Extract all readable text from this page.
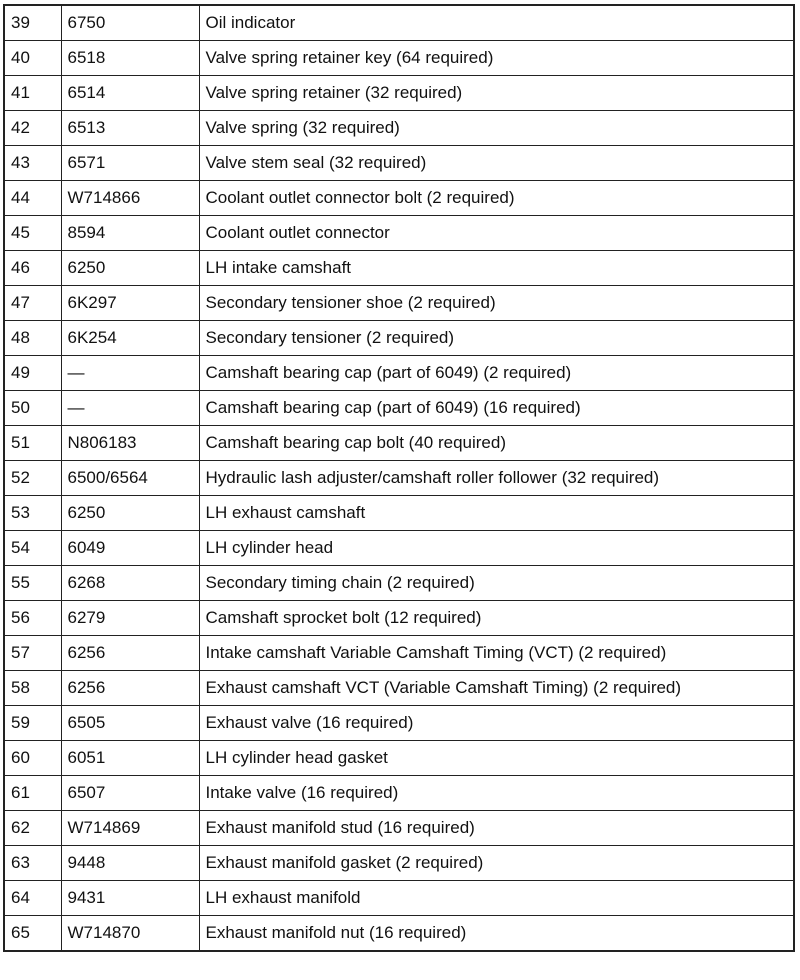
39	6750	Oil indicator
40	6518	Valve spring retainer key (64 required)
41	6514	Valve spring retainer (32 required)
42	6513	Valve spring (32 required)
43	6571	Valve stem seal (32 required)
44	W714866	Coolant outlet connector bolt (2 required)
45	8594	Coolant outlet connector
46	6250	LH intake camshaft
47	6K297	Secondary tensioner shoe (2 required)
48	6K254	Secondary tensioner (2 required)
49	—	Camshaft bearing cap (part of 6049) (2 required)
50	—	Camshaft bearing cap (part of 6049) (16 required)
51	N806183	Camshaft bearing cap bolt (40 required)
52	6500/6564	Hydraulic lash adjuster/camshaft roller follower (32 required)
53	6250	LH exhaust camshaft
54	6049	LH cylinder head
55	6268	Secondary timing chain (2 required)
56	6279	Camshaft sprocket bolt (12 required)
57	6256	Intake camshaft Variable Camshaft Timing (VCT) (2 required)
58	6256	Exhaust camshaft VCT (Variable Camshaft Timing) (2 required)
59	6505	Exhaust valve (16 required)
60	6051	LH cylinder head gasket
61	6507	Intake valve (16 required)
62	W714869	Exhaust manifold stud (16 required)
63	9448	Exhaust manifold gasket (2 required)
64	9431	LH exhaust manifold
65	W714870	Exhaust manifold nut (16 required)
